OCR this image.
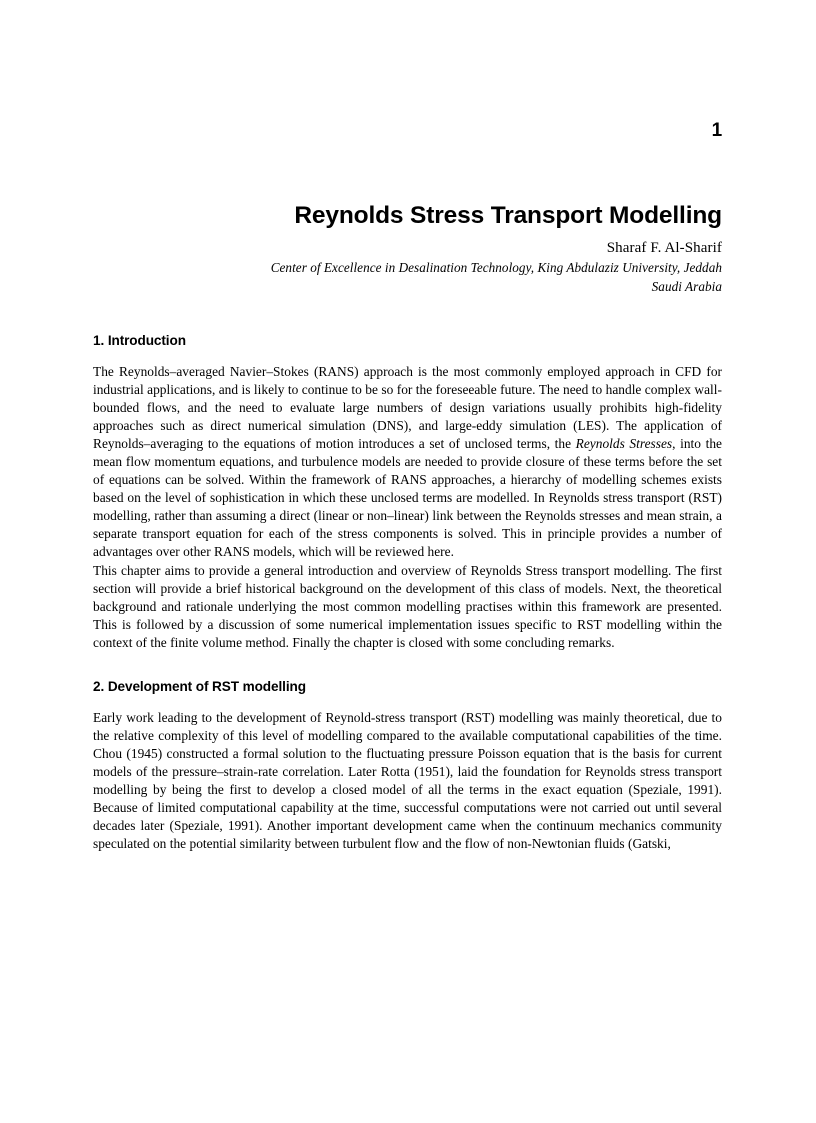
1
Reynolds Stress Transport Modelling
Sharaf F. Al-Sharif
Center of Excellence in Desalination Technology, King Abdulaziz University, Jeddah
Saudi Arabia
1. Introduction

The Reynolds–averaged Navier–Stokes (RANS) approach is the most commonly employed approach in CFD for industrial applications, and is likely to continue to be so for the foreseeable future. The need to handle complex wall-bounded flows, and the need to evaluate large numbers of design variations usually prohibits high-fidelity approaches such as direct numerical simulation (DNS), and large-eddy simulation (LES). The application of Reynolds–averaging to the equations of motion introduces a set of unclosed terms, the Reynolds Stresses, into the mean flow momentum equations, and turbulence models are needed to provide closure of these terms before the set of equations can be solved. Within the framework of RANS approaches, a hierarchy of modelling schemes exists based on the level of sophistication in which these unclosed terms are modelled. In Reynolds stress transport (RST) modelling, rather than assuming a direct (linear or non–linear) link between the Reynolds stresses and mean strain, a separate transport equation for each of the stress components is solved. This in principle provides a number of advantages over other RANS models, which will be reviewed here.

This chapter aims to provide a general introduction and overview of Reynolds Stress transport modelling. The first section will provide a brief historical background on the development of this class of models. Next, the theoretical background and rationale underlying the most common modelling practises within this framework are presented. This is followed by a discussion of some numerical implementation issues specific to RST modelling within the context of the finite volume method. Finally the chapter is closed with some concluding remarks.

2. Development of RST modelling

Early work leading to the development of Reynold-stress transport (RST) modelling was mainly theoretical, due to the relative complexity of this level of modelling compared to the available computational capabilities of the time. Chou (1945) constructed a formal solution to the fluctuating pressure Poisson equation that is the basis for current models of the pressure–strain-rate correlation. Later Rotta (1951), laid the foundation for Reynolds stress transport modelling by being the first to develop a closed model of all the terms in the exact equation (Speziale, 1991). Because of limited computational capability at the time, successful computations were not carried out until several decades later (Speziale, 1991). Another important development came when the continuum mechanics community speculated on the potential similarity between turbulent flow and the flow of non-Newtonian fluids (Gatski,
